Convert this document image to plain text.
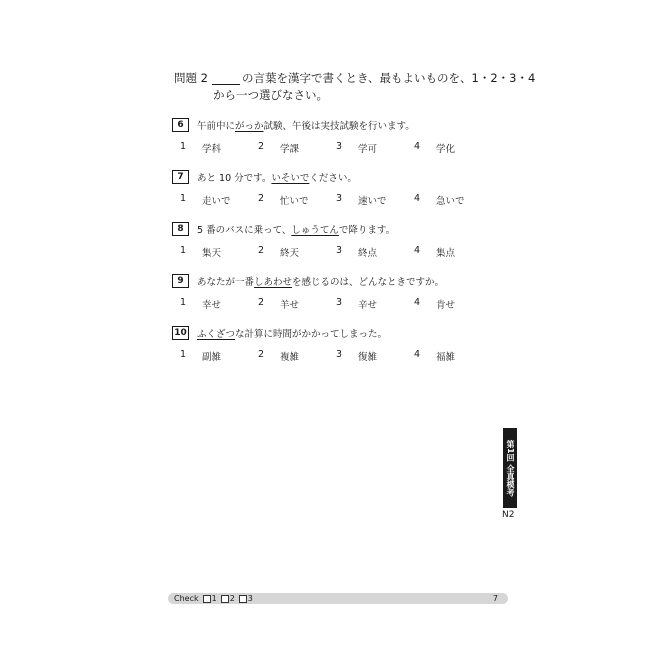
問題 2	の言葉を漢字で書くとき、最もよいものを、1・2・3・4
から一つ選びなさい。
6	午前中に がっか 試験、午後は実技試験を行います。
1	学科	2	学課	3	学可	4	学化
7	あと 10 分です。 いそいで ください。
1	走いで	2	忙いで	3	速いで	4	急いで
8	5 番のバスに乗って、 しゅうてん で降ります。
1	集天	2	終天	3	終点	4	集点
9	あなたが一番 しあわせ を感じるのは、どんなときですか。
1	幸せ	2	羊せ	3	辛せ	4	肯せ
10 ふくざつ な計算に時間がかかってしまった。
1	副雑	2	複雑	3	復雑	4	福雑
第1回 全真模考
N2
Check 1 2 3	7
